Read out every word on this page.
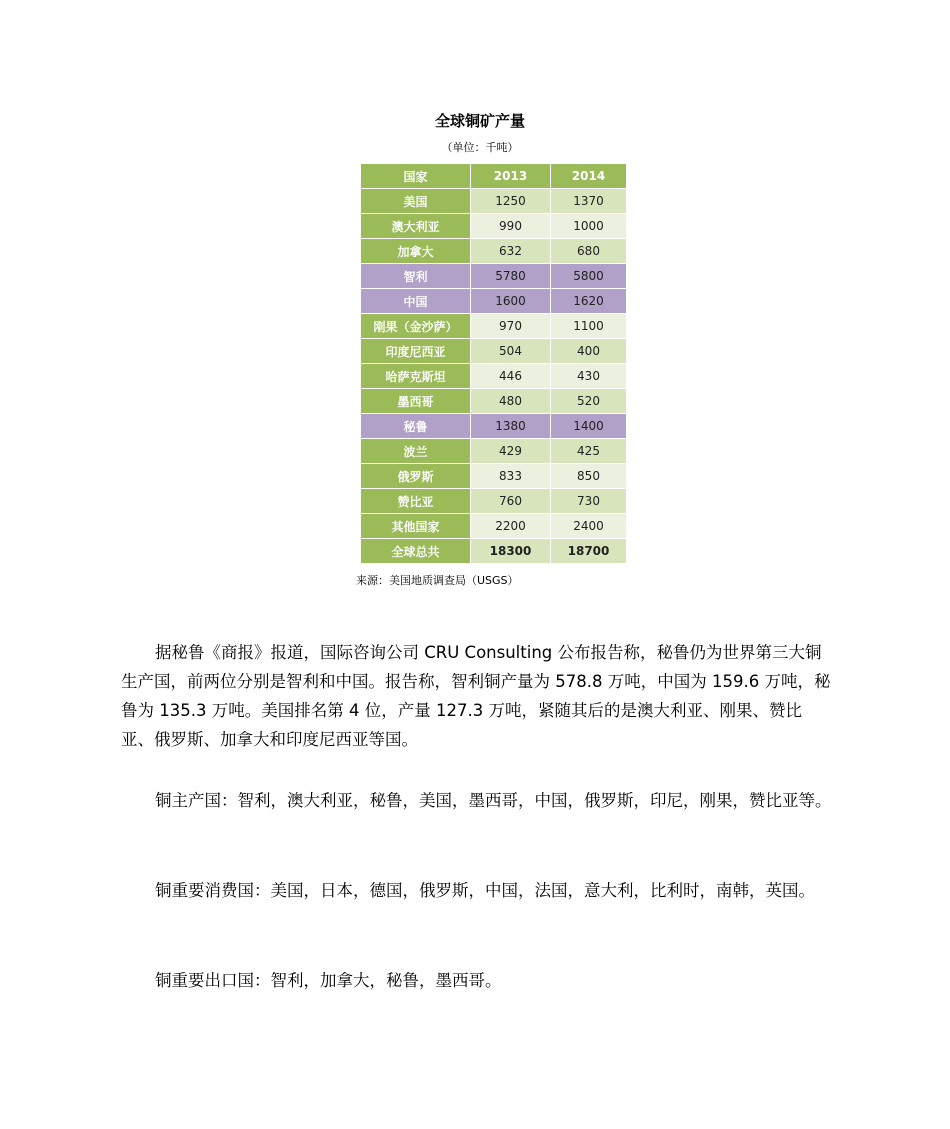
全球铜矿产量
（单位：千吨）
国家	2013	2014
美国	1250	1370
澳大利亚	990	1000
加拿大	632	680
智利	5780	5800
中国	1600	1620
刚果（金沙萨）	970	1100
印度尼西亚	504	400
哈萨克斯坦	446	430
墨西哥	480	520
秘鲁	1380	1400
波兰	429	425
俄罗斯	833	850
赞比亚	760	730
其他国家	2200	2400
全球总共	18300	18700
来源：美国地质调查局（USGS）

据秘鲁《商报》报道，国际咨询公司 CRU Consulting 公布报告称，秘鲁仍为世界第三大铜生产国，前两位分别是智利和中国。报告称，智利铜产量为 578.8 万吨，中国为 159.6 万吨，秘鲁为 135.3 万吨。美国排名第 4 位，产量 127.3 万吨，紧随其后的是澳大利亚、刚果、赞比亚、俄罗斯、加拿大和印度尼西亚等国。

铜主产国：智利，澳大利亚，秘鲁，美国，墨西哥，中国，俄罗斯，印尼，刚果，赞比亚等。

铜重要消费国：美国，日本，德国，俄罗斯，中国，法国，意大利，比利时，南韩，英国。

铜重要出口国：智利，加拿大，秘鲁，墨西哥。
